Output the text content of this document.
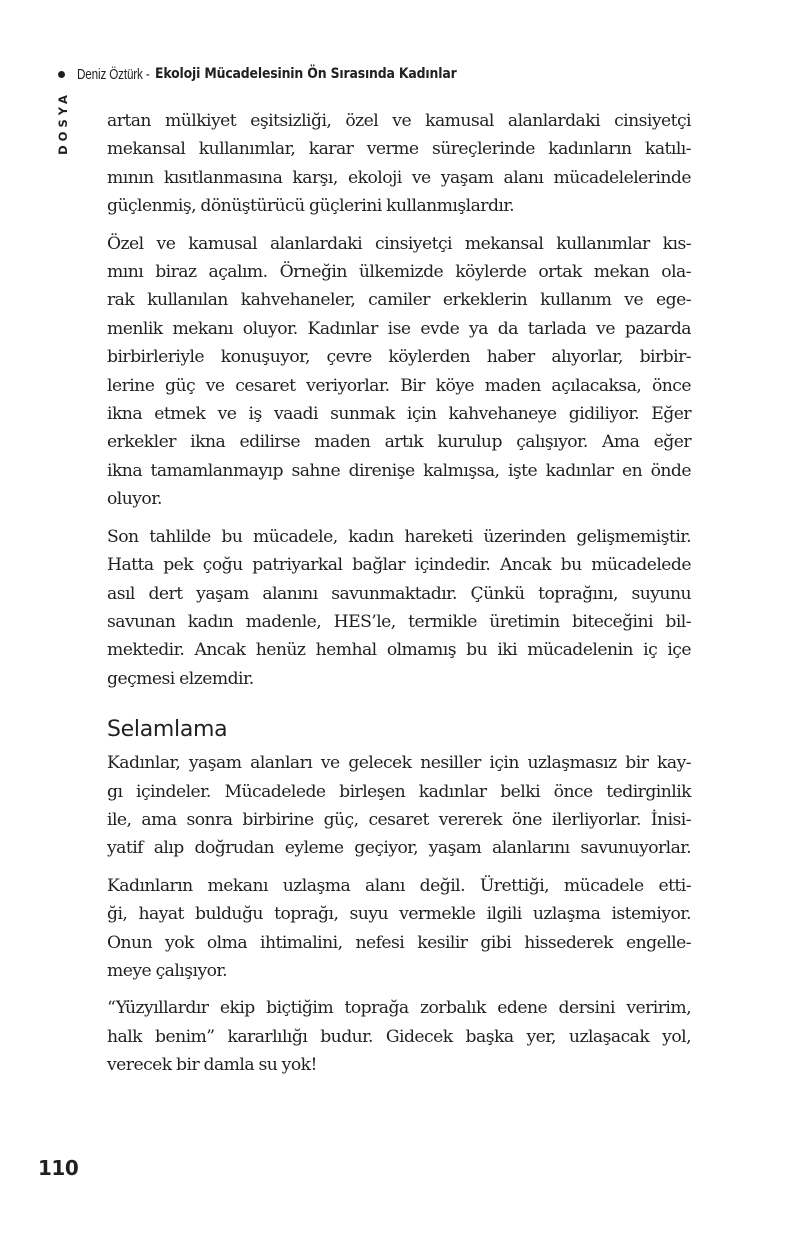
Deniz Öztürk - Ekoloji Mücadelesinin Ön Sırasında Kadınlar
DOSYA artan mülkiyet eşitsizliği, özel ve kamusal alanlardaki cinsiyetçi
mekansal kullanımlar, karar verme süreçlerinde kadınların katılı-
mının kısıtlanmasına karşı, ekoloji ve yaşam alanı mücadelelerinde
güçlenmiş, dönüştürücü güçlerini kullanmışlardır.
Özel ve kamusal alanlardaki cinsiyetçi mekansal kullanımlar kıs-
mını biraz açalım. Örneğin ülkemizde köylerde ortak mekan ola-
rak kullanılan kahvehaneler, camiler erkeklerin kullanım ve ege-
menlik mekanı oluyor. Kadınlar ise evde ya da tarlada ve pazarda
birbirleriyle konuşuyor, çevre köylerden haber alıyorlar, birbir-
lerine güç ve cesaret veriyorlar. Bir köye maden açılacaksa, önce
ikna etmek ve iş vaadi sunmak için kahvehaneye gidiliyor. Eğer
erkekler ikna edilirse maden artık kurulup çalışıyor. Ama eğer
ikna tamamlanmayıp sahne direnişe kalmışsa, işte kadınlar en önde
oluyor.
Son tahlilde bu mücadele, kadın hareketi üzerinden gelişmemiştir.
Hatta pek çoğu patriyarkal bağlar içindedir. Ancak bu mücadelede
asıl dert yaşam alanını savunmaktadır. Çünkü toprağını, suyunu
savunan kadın madenle, HES’le, termikle üretimin biteceğini bil-
mektedir. Ancak henüz hemhal olmamış bu iki mücadelenin iç içe
geçmesi elzemdir.
Selamlama
Kadınlar, yaşam alanları ve gelecek nesiller için uzlaşmasız bir kay-
gı içindeler. Mücadelede birleşen kadınlar belki önce tedirginlik
ile, ama sonra birbirine güç, cesaret vererek öne ilerliyorlar. İnisi-
yatif alıp doğrudan eyleme geçiyor, yaşam alanlarını savunuyorlar.
Kadınların mekanı uzlaşma alanı değil. Ürettiği, mücadele etti-
ği, hayat bulduğu toprağı, suyu vermekle ilgili uzlaşma istemiyor.
Onun yok olma ihtimalini, nefesi kesilir gibi hissederek engelle-
meye çalışıyor.
“Yüzyıllardır ekip biçtiğim toprağa zorbalık edene dersini veririm,
halk benim” kararlılığı budur. Gidecek başka yer, uzlaşacak yol,
verecek bir damla su yok!
110
